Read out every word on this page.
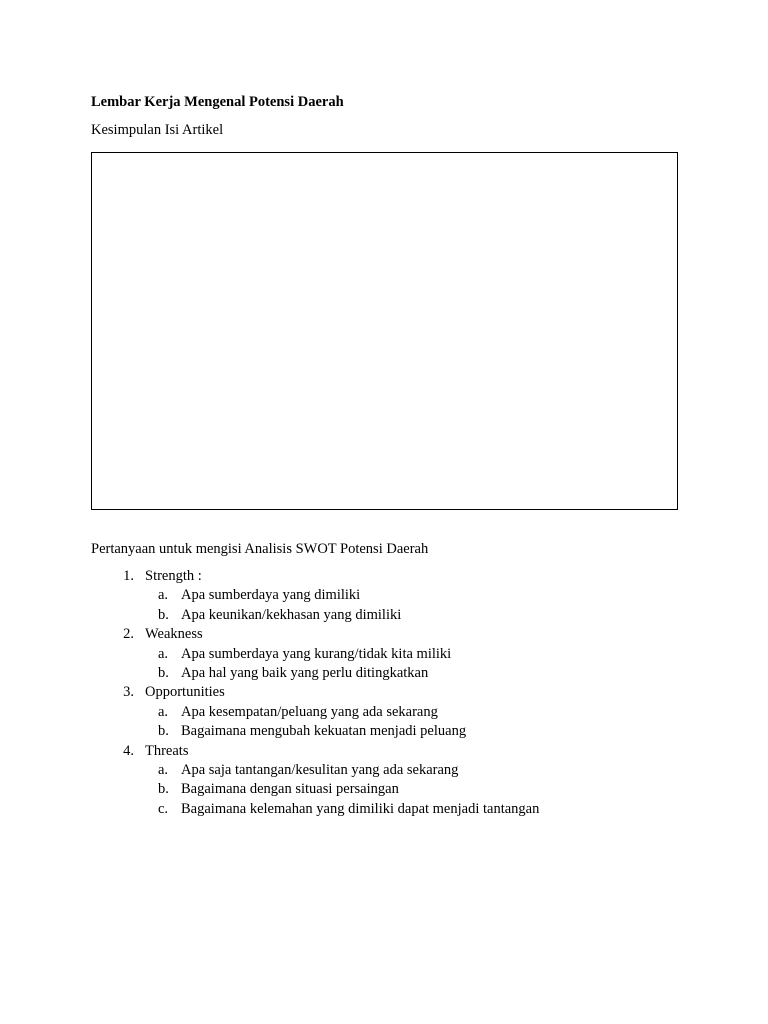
Lembar Kerja Mengenal Potensi Daerah

Kesimpulan Isi Artikel

Pertanyaan untuk mengisi Analisis SWOT Potensi Daerah

1. Strength :
a. Apa sumberdaya yang dimiliki
b. Apa keunikan/kekhasan yang dimiliki
2. Weakness
a. Apa sumberdaya yang kurang/tidak kita miliki
b. Apa hal yang baik yang perlu ditingkatkan
3. Opportunities
a. Apa kesempatan/peluang yang ada sekarang
b. Bagaimana mengubah kekuatan menjadi peluang
4. Threats
a. Apa saja tantangan/kesulitan yang ada sekarang
b. Bagaimana dengan situasi persaingan
c. Bagaimana kelemahan yang dimiliki dapat menjadi tantangan
